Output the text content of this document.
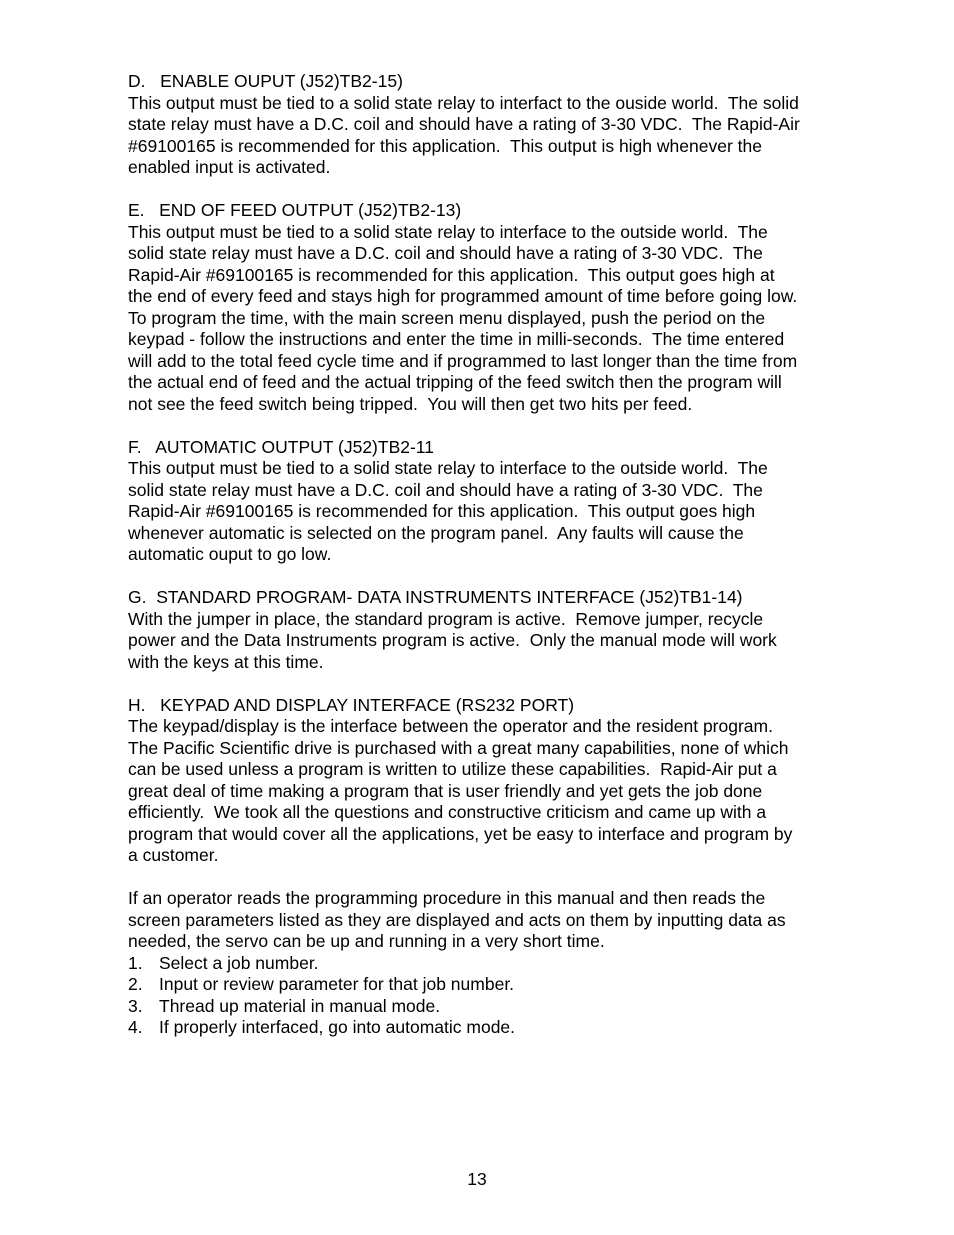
D.   ENABLE OUPUT (J52)TB2-15)

This output must be tied to a solid state relay to interfact to the ouside world.  The solid

state relay must have a D.C. coil and should have a rating of 3-30 VDC.  The Rapid-Air

#69100165 is recommended for this application.  This output is high whenever the

enabled input is activated.

E.   END OF FEED OUTPUT (J52)TB2-13)

This output must be tied to a solid state relay to interface to the outside world.  The

solid state relay must have a D.C. coil and should have a rating of 3-30 VDC.  The

Rapid-Air #69100165 is recommended for this application.  This output goes high at

the end of every feed and stays high for programmed amount of time before going low.

To program the time, with the main screen menu displayed, push the period on the

keypad - follow the instructions and enter the time in milli-seconds.  The time entered

will add to the total feed cycle time and if programmed to last longer than the time from

the actual end of feed and the actual tripping of the feed switch then the program will

not see the feed switch being tripped.  You will then get two hits per feed.

F.   AUTOMATIC OUTPUT (J52)TB2-11

This output must be tied to a solid state relay to interface to the outside world.  The

solid state relay must have a D.C. coil and should have a rating of 3-30 VDC.  The

Rapid-Air #69100165 is recommended for this application.  This output goes high

whenever automatic is selected on the program panel.  Any faults will cause the

automatic ouput to go low.

G.  STANDARD PROGRAM- DATA INSTRUMENTS INTERFACE (J52)TB1-14)

With the jumper in place, the standard program is active.  Remove jumper, recycle

power and the Data Instruments program is active.  Only the manual mode will work

with the keys at this time.

H.   KEYPAD AND DISPLAY INTERFACE (RS232 PORT)

The keypad/display is the interface between the operator and the resident program.

The Pacific Scientific drive is purchased with a great many capabilities, none of which

can be used unless a program is written to utilize these capabilities.  Rapid-Air put a

great deal of time making a program that is user friendly and yet gets the job done

efficiently.  We took all the questions and constructive criticism and came up with a

program that would cover all the applications, yet be easy to interface and program by

a customer.

If an operator reads the programming procedure in this manual and then reads the

screen parameters listed as they are displayed and acts on them by inputting data as

needed, the servo can be up and running in a very short time.

1. Select a job number.
2. Input or review parameter for that job number.
3. Thread up material in manual mode.
4. If properly interfaced, go into automatic mode.
13
